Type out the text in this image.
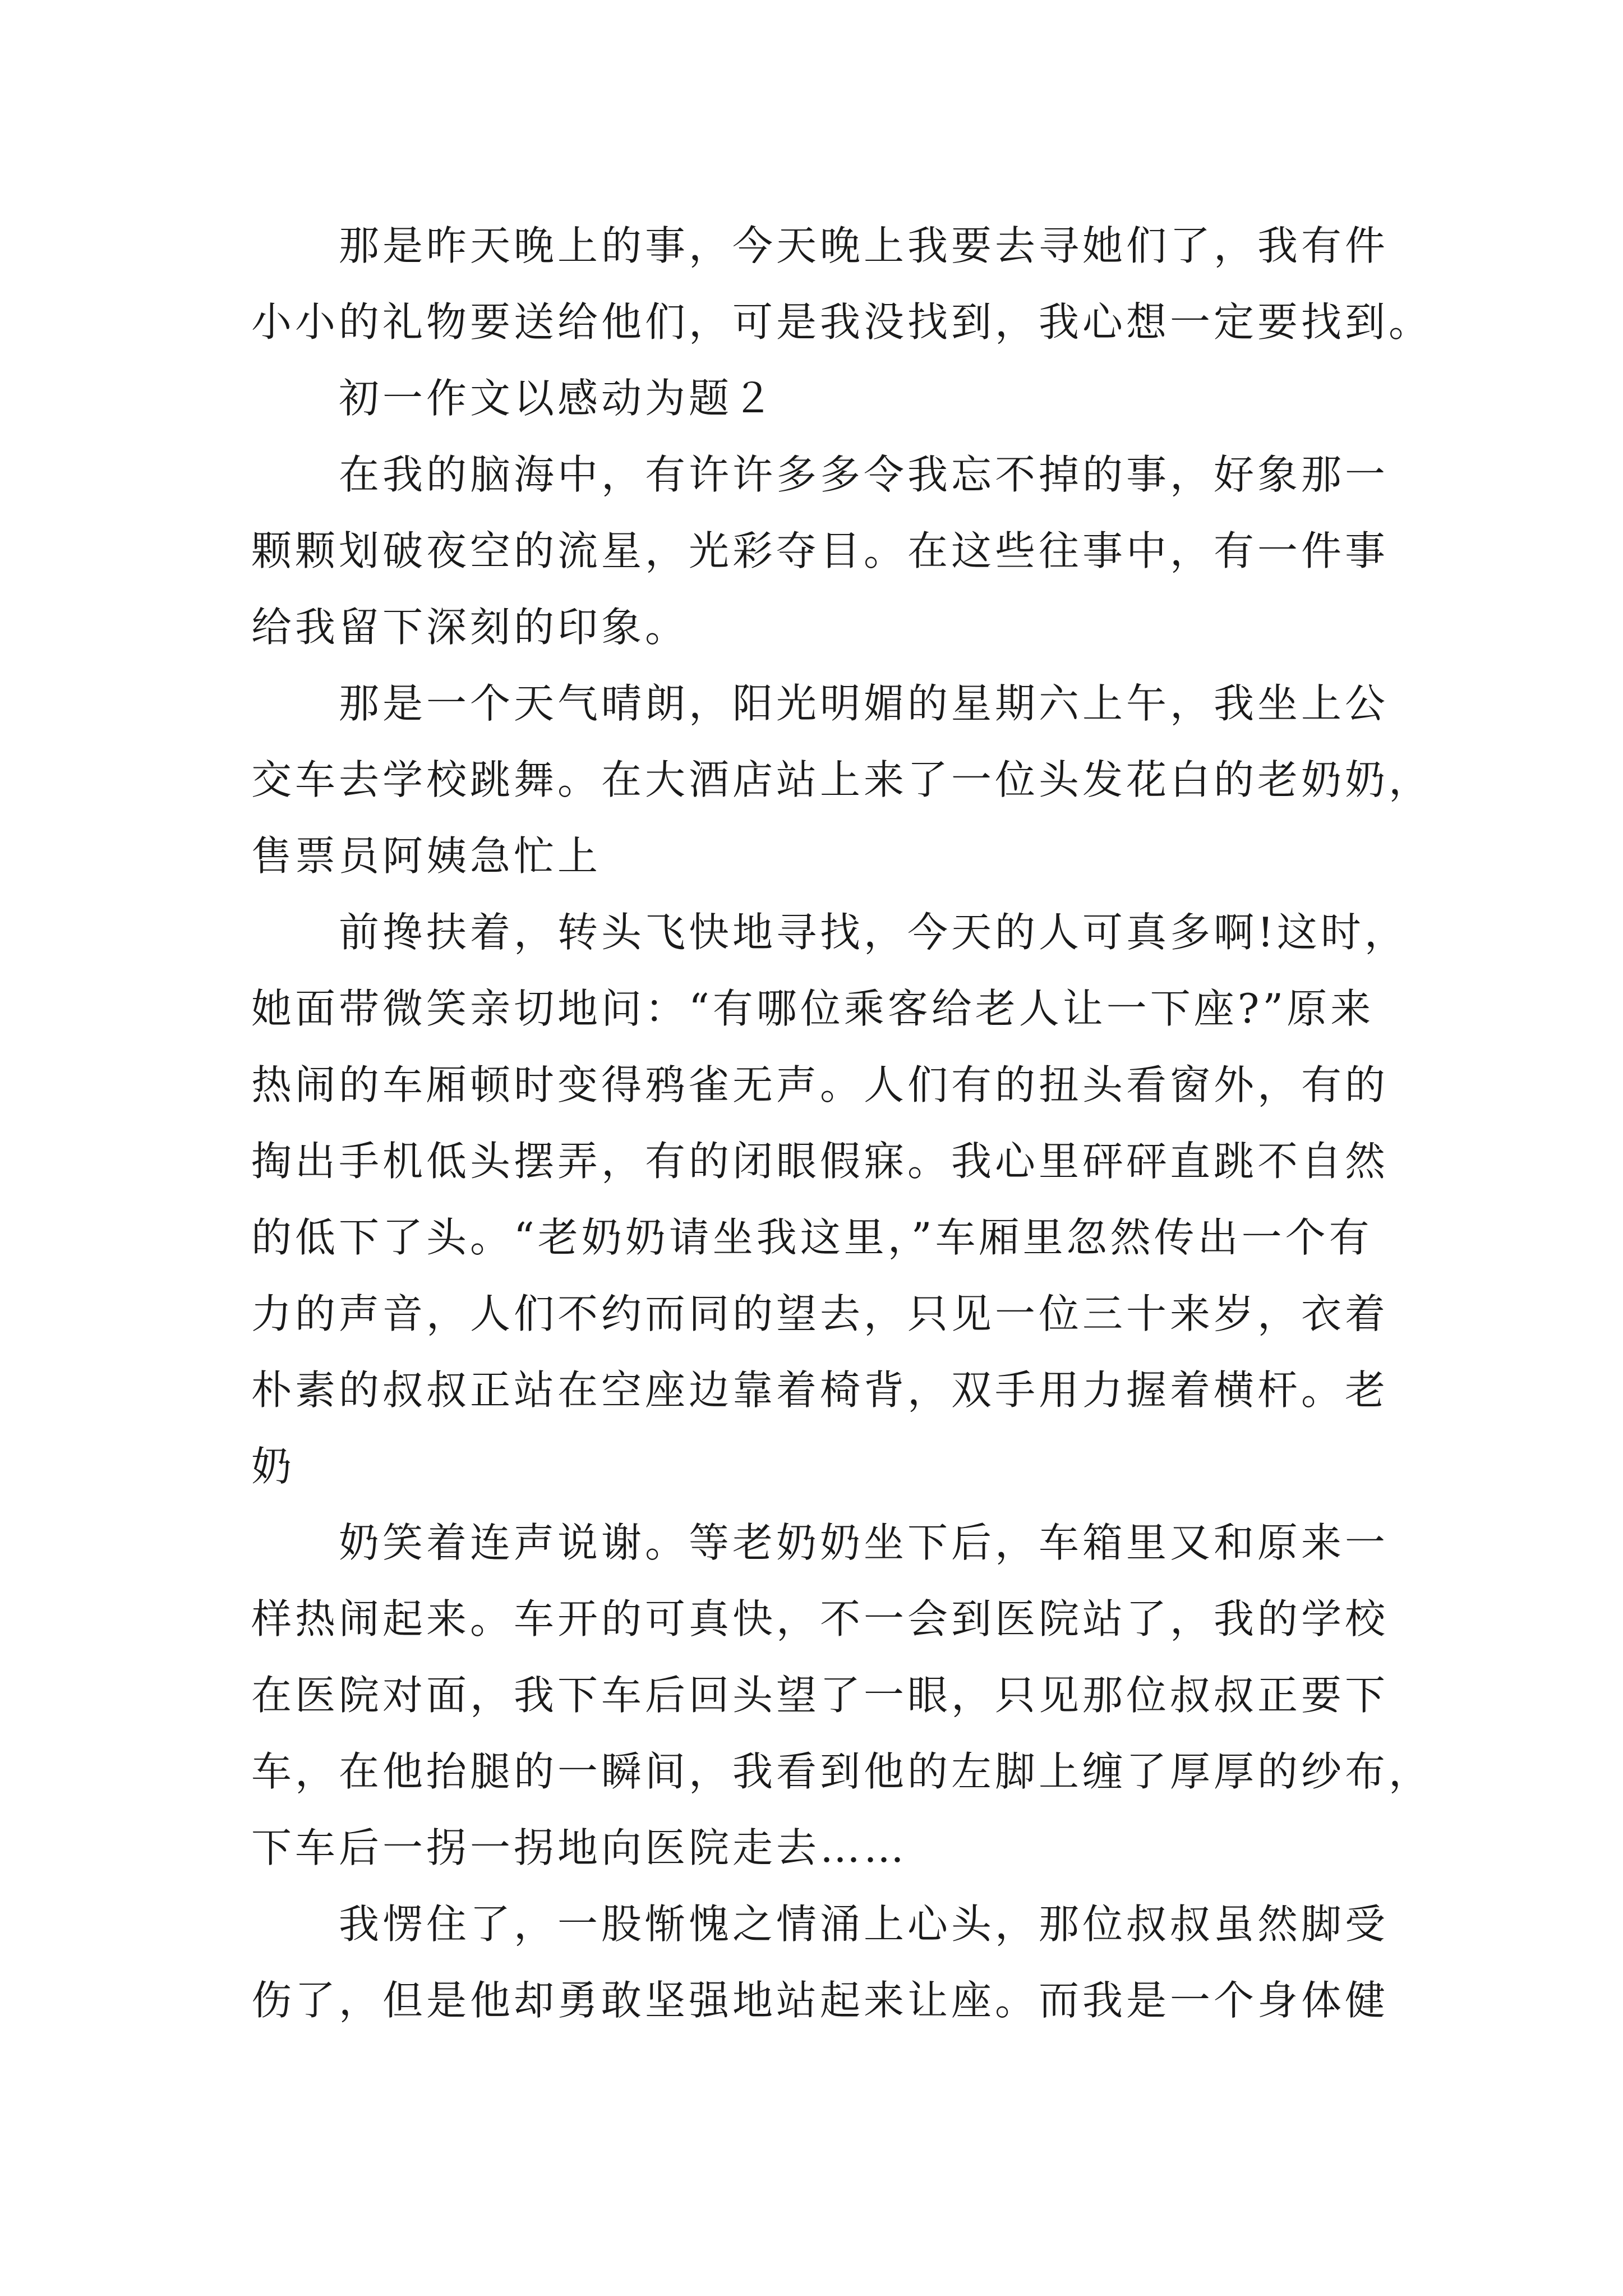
那是昨天晚上的事，今天晚上我要去寻她们了，我有件
小小的礼物要送给他们，可是我没找到，我心想一定要找到。
初一作文以感动为题２
在我的脑海中，有许许多多令我忘不掉的事，好象那一
颗颗划破夜空的流星，光彩夺目。在这些往事中，有一件事
给我留下深刻的印象。
那是一个天气晴朗，阳光明媚的星期六上午，我坐上公
交车去学校跳舞。在大酒店站上来了一位头发花白的老奶奶，
售票员阿姨急忙上
前搀扶着，转头飞快地寻找，今天的人可真多啊!这时，
她面带微笑亲切地问：“有哪位乘客给老人让一下座?”原来
热闹的车厢顿时变得鸦雀无声。人们有的扭头看窗外，有的
掏出手机低头摆弄，有的闭眼假寐。我心里砰砰直跳不自然
的低下了头。“老奶奶请坐我这里，”车厢里忽然传出一个有
力的声音，人们不约而同的望去，只见一位三十来岁，衣着
朴素的叔叔正站在空座边靠着椅背，双手用力握着横杆。老
奶
奶笑着连声说谢。等老奶奶坐下后，车箱里又和原来一
样热闹起来。车开的可真快，不一会到医院站了，我的学校
在医院对面，我下车后回头望了一眼，只见那位叔叔正要下
车，在他抬腿的一瞬间，我看到他的左脚上缠了厚厚的纱布，
下车后一拐一拐地向医院走去……
我愣住了，一股惭愧之情涌上心头，那位叔叔虽然脚受
伤了，但是他却勇敢坚强地站起来让座。而我是一个身体健
